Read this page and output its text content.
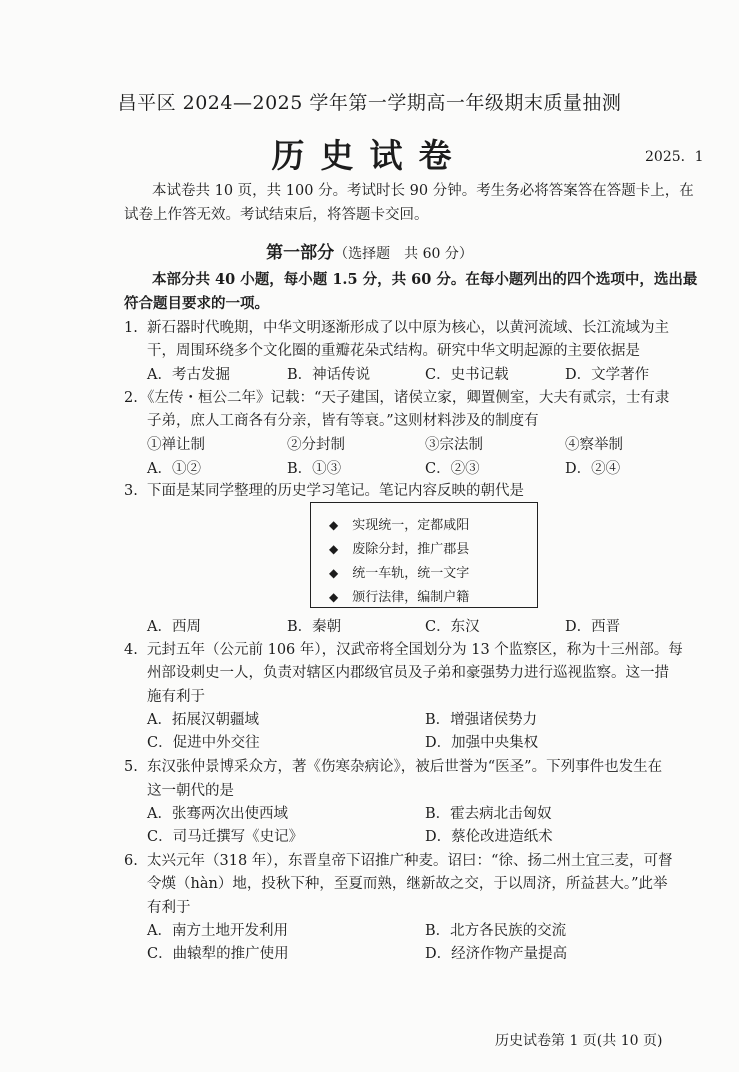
昌平区 2024—2025 学年第一学期高一年级期末质量抽测
历史试卷	2025．1
本试卷共 10 页，共 100 分。考试时长 90 分钟。考生务必将答案答在答题卡上，在
试卷上作答无效。考试结束后，将答题卡交回。
第一部分（选择题　共 60 分）
本部分共 40 小题，每小题 1.5 分，共 60 分。在每小题列出的四个选项中，选出最
符合题目要求的一项。
1. 新石器时代晚期，中华文明逐渐形成了以中原为核心，以黄河流域、长江流域为主
干，周围环绕多个文化圈的重瓣花朵式结构。研究中华文明起源的主要依据是
A．考古发掘	B．神话传说	C．史书记载	D．文学著作
2. 《左传・桓公二年》记载：“天子建国，诸侯立家，卿置侧室，大夫有贰宗，士有隶
子弟，庶人工商各有分亲，皆有等衰。”这则材料涉及的制度有
①禅让制	②分封制	③宗法制	④察举制
A．①②	B．①③	C．②③	D．②④
3. 下面是某同学整理的历史学习笔记。笔记内容反映的朝代是
◆ 实现统一，定都咸阳
◆ 废除分封，推广郡县
◆ 统一车轨，统一文字
◆ 颁行法律，编制户籍
A．西周	B．秦朝	C．东汉	D．西晋
4. 元封五年（公元前 106 年），汉武帝将全国划分为 13 个监察区，称为十三州部。每
州部设刺史一人，负责对辖区内郡级官员及子弟和豪强势力进行巡视监察。这一措
施有利于
A．拓展汉朝疆域	B．增强诸侯势力
C．促进中外交往	D．加强中央集权
5. 东汉张仲景博采众方，著《伤寒杂病论》，被后世誉为“医圣”。下列事件也发生在
这一朝代的是
A．张骞两次出使西域	B．霍去病北击匈奴
C．司马迁撰写《史记》	D．蔡伦改进造纸术
6. 太兴元年（318 年），东晋皇帝下诏推广种麦。诏曰：“徐、扬二州土宜三麦，可督
令熯（hàn）地，投秋下种，至夏而熟，继新故之交，于以周济，所益甚大。”此举
有利于
A．南方土地开发利用	B．北方各民族的交流
C．曲辕犁的推广使用	D．经济作物产量提高
历史试卷第 1 页(共 10 页)
